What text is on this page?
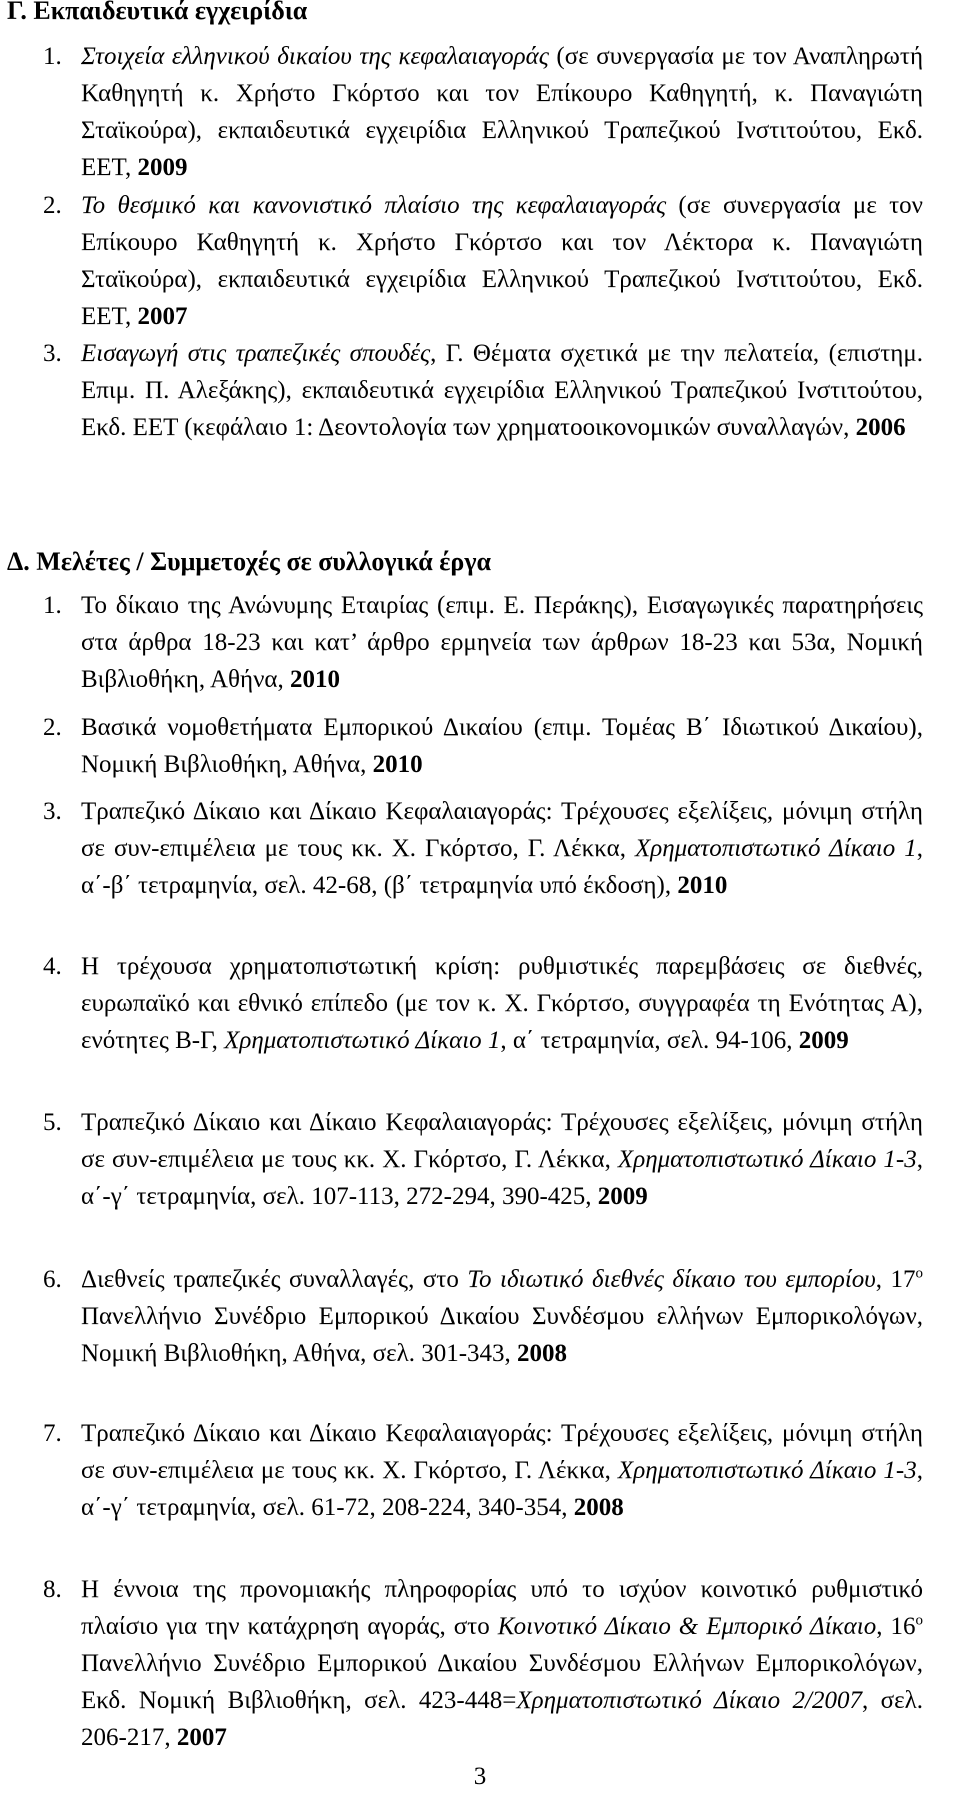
Γ. Εκπαιδευτικά εγχειρίδια
1. Στοιχεία ελληνικού δικαίου της κεφαλαιαγοράς (σε συνεργασία με τον Αναπληρωτή Καθηγητή κ. Χρήστο Γκόρτσο και τον Επίκουρο Καθηγητή, κ. Παναγιώτη Σταϊκούρα), εκπαιδευτικά εγχειρίδια Ελληνικού Τραπεζικού Ινστιτούτου, Εκδ. ΕΕΤ, 2009
2. Το θεσμικό και κανονιστικό πλαίσιο της κεφαλαιαγοράς (σε συνεργασία με τον Επίκουρο Καθηγητή κ. Χρήστο Γκόρτσο και τον Λέκτορα κ. Παναγιώτη Σταϊκούρα), εκπαιδευτικά εγχειρίδια Ελληνικού Τραπεζικού Ινστιτούτου, Εκδ. ΕΕΤ, 2007
3. Εισαγωγή στις τραπεζικές σπουδές, Γ. Θέματα σχετικά με την πελατεία, (επιστημ. Επιμ. Π. Αλεξάκης), εκπαιδευτικά εγχειρίδια Ελληνικού Τραπεζικού Ινστιτούτου, Εκδ. ΕΕΤ (κεφάλαιο 1: Δεοντολογία των χρηματοοικονομικών συναλλαγών, 2006
Δ. Μελέτες / Συμμετοχές σε συλλογικά έργα
1. Το δίκαιο της Ανώνυμης Εταιρίας (επιμ. Ε. Περάκης), Εισαγωγικές παρατηρήσεις στα άρθρα 18-23 και κατ’ άρθρο ερμηνεία των άρθρων 18-23 και 53α, Νομική Βιβλιοθήκη, Αθήνα, 2010
2. Βασικά νομοθετήματα Εμπορικού Δικαίου (επιμ. Τομέας Β΄ Ιδιωτικού Δικαίου), Νομική Βιβλιοθήκη, Αθήνα, 2010
3. Τραπεζικό Δίκαιο και Δίκαιο Κεφαλαιαγοράς: Τρέχουσες εξελίξεις, μόνιμη στήλη σε συν-επιμέλεια με τους κκ. Χ. Γκόρτσο, Γ. Λέκκα, Χρηματοπιστωτικό Δίκαιο 1, α΄-β΄ τετραμηνία, σελ. 42-68, (β΄ τετραμηνία υπό έκδοση), 2010
4. Η τρέχουσα χρηματοπιστωτική κρίση: ρυθμιστικές παρεμβάσεις σε διεθνές, ευρωπαϊκό και εθνικό επίπεδο (με τον κ. Χ. Γκόρτσο, συγγραφέα τη Ενότητας Α), ενότητες Β-Γ, Χρηματοπιστωτικό Δίκαιο 1, α΄ τετραμηνία, σελ. 94-106, 2009
5. Τραπεζικό Δίκαιο και Δίκαιο Κεφαλαιαγοράς: Τρέχουσες εξελίξεις, μόνιμη στήλη σε συν-επιμέλεια με τους κκ. Χ. Γκόρτσο, Γ. Λέκκα, Χρηματοπιστωτικό Δίκαιο 1-3, α΄-γ΄ τετραμηνία, σελ. 107-113, 272-294, 390-425, 2009
6. Διεθνείς τραπεζικές συναλλαγές, στο Το ιδιωτικό διεθνές δίκαιο του εμπορίου, $17^o$ Πανελλήνιο Συνέδριο Εμπορικού Δικαίου Συνδέσμου ελλήνων Εμπορικολόγων, Νομική Βιβλιοθήκη, Αθήνα, σελ. 301-343, 2008
7. Τραπεζικό Δίκαιο και Δίκαιο Κεφαλαιαγοράς: Τρέχουσες εξελίξεις, μόνιμη στήλη σε συν-επιμέλεια με τους κκ. Χ. Γκόρτσο, Γ. Λέκκα, Χρηματοπιστωτικό Δίκαιο 1-3, α΄-γ΄ τετραμηνία, σελ. 61-72, 208-224, 340-354, 2008
8. Η έννοια της προνομιακής πληροφορίας υπό το ισχύον κοινοτικό ρυθμιστικό πλαίσιο για την κατάχρηση αγοράς, στο Κοινοτικό Δίκαιο & Εμπορικό Δίκαιο, $16^o$ Πανελλήνιο Συνέδριο Εμπορικού Δικαίου Συνδέσμου Ελλήνων Εμπορικολόγων, Εκδ. Νομική Βιβλιοθήκη, σελ. 423-448=Χρηματοπιστωτικό Δίκαιο 2/2007, σελ. 206-217, 2007
3
